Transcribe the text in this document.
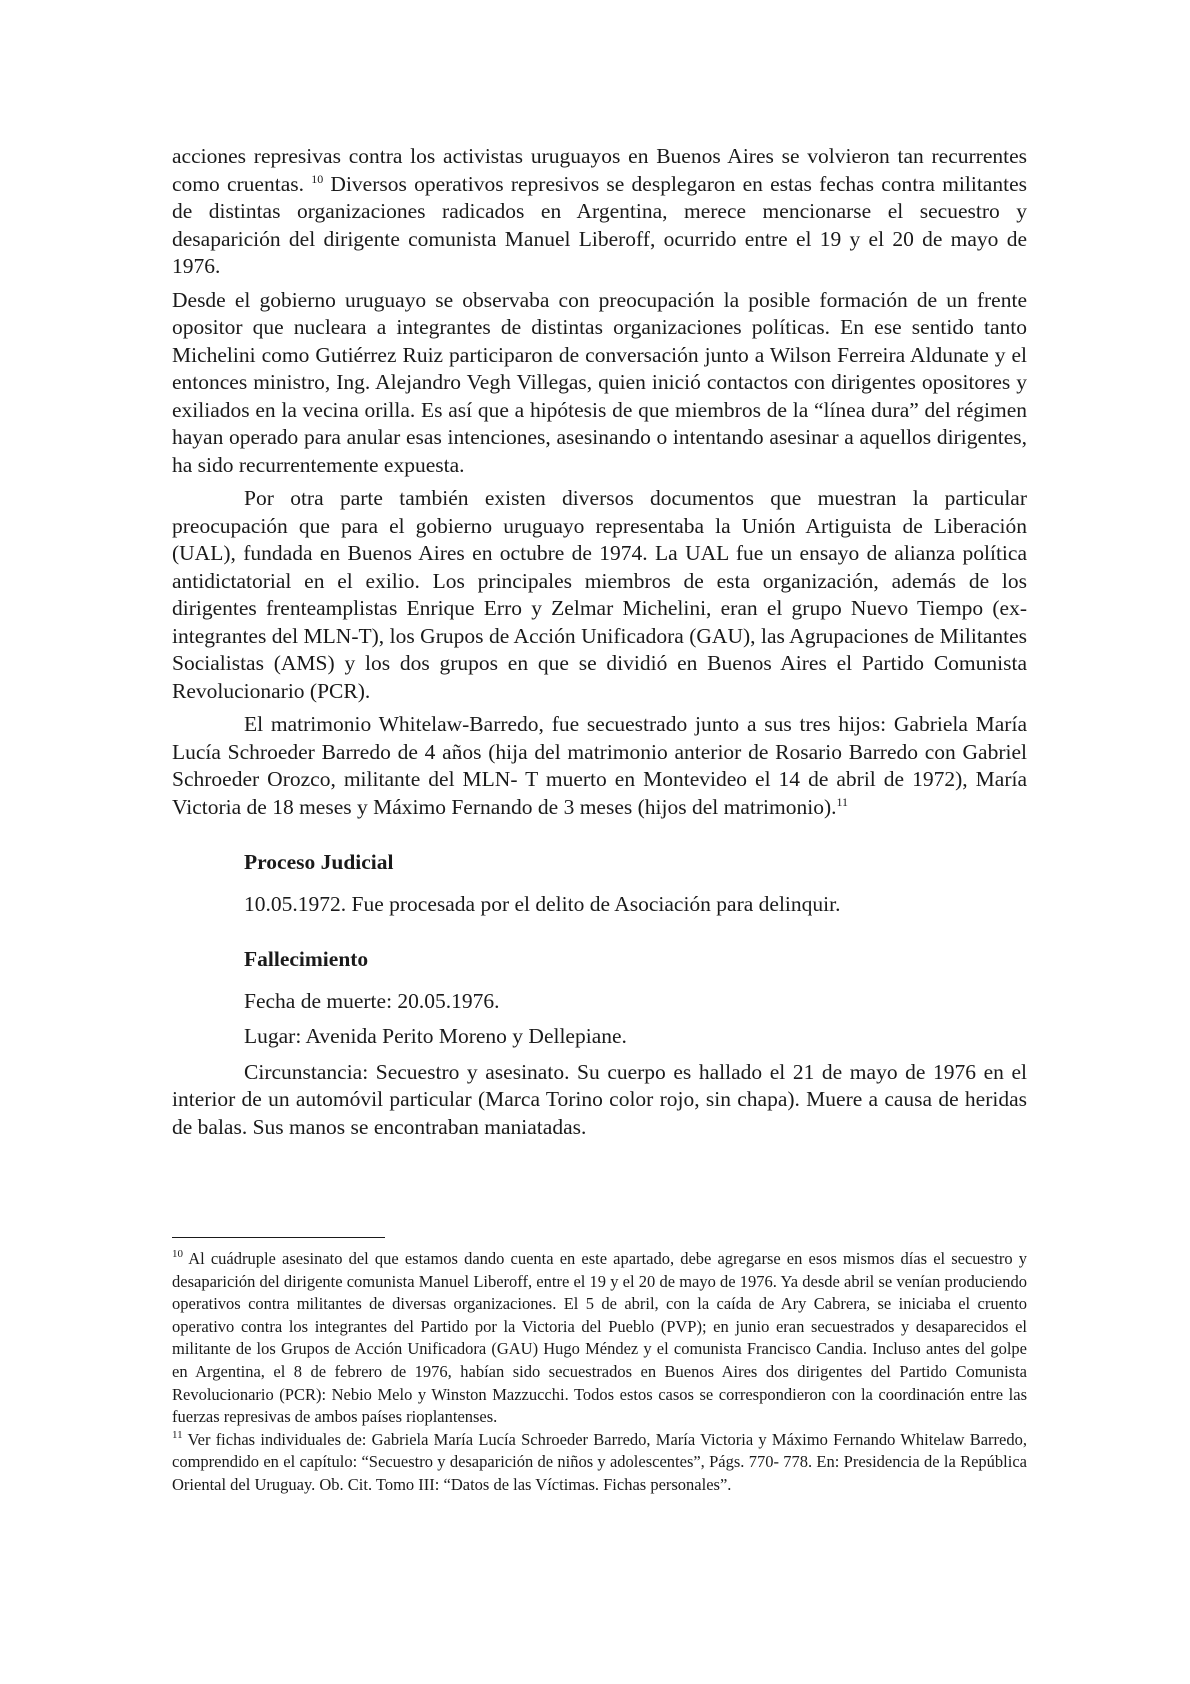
acciones represivas contra los activistas uruguayos en Buenos Aires se volvieron tan recurrentes como cruentas. $^{10}$ Diversos operativos represivos se desplegaron en estas fechas contra militantes de distintas organizaciones radicados en Argentina, merece mencionarse el secuestro y desaparición del dirigente comunista Manuel Liberoff, ocurrido entre el 19 y el 20 de mayo de 1976.

Desde el gobierno uruguayo se observaba con preocupación la posible formación de un frente opositor que nucleara a integrantes de distintas organizaciones políticas. En ese sentido tanto Michelini como Gutiérrez Ruiz participaron de conversación junto a Wilson Ferreira Aldunate y el entonces ministro, Ing. Alejandro Vegh Villegas, quien inició contactos con dirigentes opositores y exiliados en la vecina orilla. Es así que a hipótesis de que miembros de la “línea dura” del régimen hayan operado para anular esas intenciones, asesinando o intentando asesinar a aquellos dirigentes, ha sido recurrentemente expuesta.

Por otra parte también existen diversos documentos que muestran la particular preocupación que para el gobierno uruguayo representaba la Unión Artiguista de Liberación (UAL), fundada en Buenos Aires en octubre de 1974. La UAL fue un ensayo de alianza política antidictatorial en el exilio. Los principales miembros de esta organización, además de los dirigentes frenteamplistas Enrique Erro y Zelmar Michelini, eran el grupo Nuevo Tiempo (ex- integrantes del MLN-T), los Grupos de Acción Unificadora (GAU), las Agrupaciones de Militantes Socialistas (AMS) y los dos grupos en que se dividió en Buenos Aires el Partido Comunista Revolucionario (PCR).

El matrimonio Whitelaw-Barredo, fue secuestrado junto a sus tres hijos: Gabriela María Lucía Schroeder Barredo de 4 años (hija del matrimonio anterior de Rosario Barredo con Gabriel Schroeder Orozco, militante del MLN- T muerto en Montevideo el 14 de abril de 1972), María Victoria de 18 meses y Máximo Fernando de 3 meses (hijos del matrimonio).$^{11}$

Proceso Judicial
10.05.1972. Fue procesada por el delito de Asociación para delinquir.
Fallecimiento
Fecha de muerte: 20.05.1976.
Lugar: Avenida Perito Moreno y Dellepiane.

Circunstancia: Secuestro y asesinato. Su cuerpo es hallado el 21 de mayo de 1976 en el interior de un automóvil particular (Marca Torino color rojo, sin chapa). Muere a causa de heridas de balas. Sus manos se encontraban maniatadas.

$^{10}$ Al cuádruple asesinato del que estamos dando cuenta en este apartado, debe agregarse en esos mismos días el secuestro y desaparición del dirigente comunista Manuel Liberoff, entre el 19 y el 20 de mayo de 1976. Ya desde abril se venían produciendo operativos contra militantes de diversas organizaciones. El 5 de abril, con la caída de Ary Cabrera, se iniciaba el cruento operativo contra los integrantes del Partido por la Victoria del Pueblo (PVP); en junio eran secuestrados y desaparecidos el militante de los Grupos de Acción Unificadora (GAU) Hugo Méndez y el comunista Francisco Candia. Incluso antes del golpe en Argentina, el 8 de febrero de 1976, habían sido secuestrados en Buenos Aires dos dirigentes del Partido Comunista Revolucionario (PCR): Nebio Melo y Winston Mazzucchi. Todos estos casos se correspondieron con la coordinación entre las fuerzas represivas de ambos países rioplantenses.

$^{11}$ Ver fichas individuales de: Gabriela María Lucía Schroeder Barredo, María Victoria y Máximo Fernando Whitelaw Barredo, comprendido en el capítulo: “Secuestro y desaparición de niños y adolescentes”, Págs. 770- 778. En: Presidencia de la República Oriental del Uruguay. Ob. Cit. Tomo III: “Datos de las Víctimas. Fichas personales”.
